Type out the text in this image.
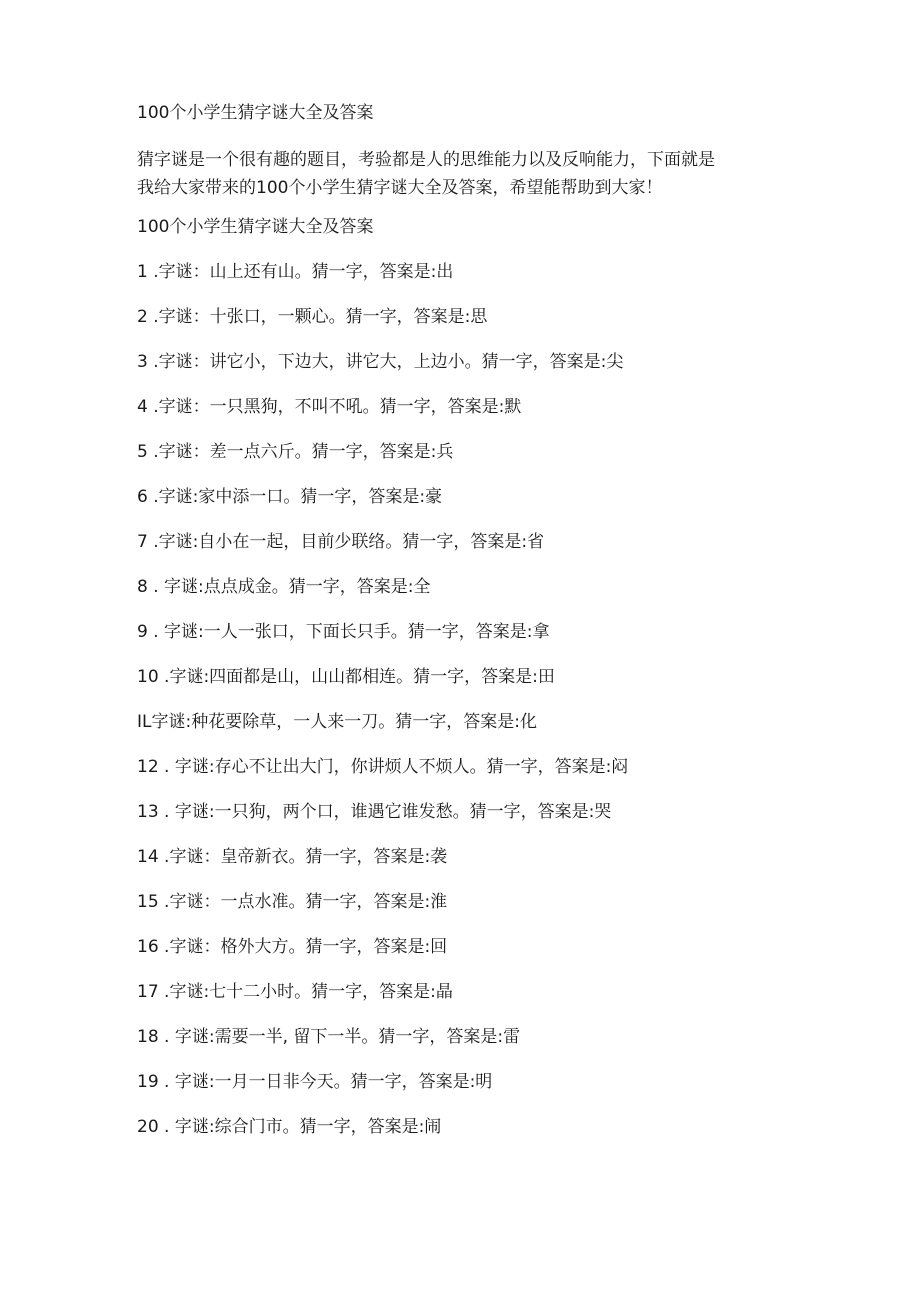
100个小学生猜字谜大全及答案
猜字谜是一个很有趣的题目，考验都是人的思维能力以及反响能力，下面就是
我给大家带来的100个小学生猜字谜大全及答案，希望能帮助到大家！
100个小学生猜字谜大全及答案
1 .字谜：山上还有山。猜一字，答案是:出
2 .字谜：十张口，一颗心。猜一字，答案是:思
3 .字谜：讲它小，下边大，讲它大，上边小。猜一字，答案是:尖
4 .字谜：一只黑狗，不叫不吼。猜一字，答案是:默
5 .字谜：差一点六斤。猜一字，答案是:兵
6 .字谜:家中添一口。猜一字，答案是:豪
7 .字谜:自小在一起，目前少联络。猜一字，答案是:省
8 . 字谜:点点成金。猜一字，答案是:全
9 . 字谜:一人一张口，下面长只手。猜一字，答案是:拿
10 .字谜:四面都是山，山山都相连。猜一字，答案是:田
IL字谜:种花要除草，一人来一刀。猜一字，答案是:化
12 . 字谜:存心不让出大门，你讲烦人不烦人。猜一字，答案是:闷
13 . 字谜:一只狗，两个口，谁遇它谁发愁。猜一字，答案是:哭
14 .字谜：皇帝新衣。猜一字，答案是:袭
15 .字谜：一点水准。猜一字，答案是:淮
16 .字谜：格外大方。猜一字，答案是:回
17 .字谜:七十二小时。猜一字，答案是:晶
18 . 字谜:需要一半, 留下一半。猜一字，答案是:雷
19 . 字谜:一月一日非今天。猜一字，答案是:明
20 . 字谜:综合门市。猜一字，答案是:闹
